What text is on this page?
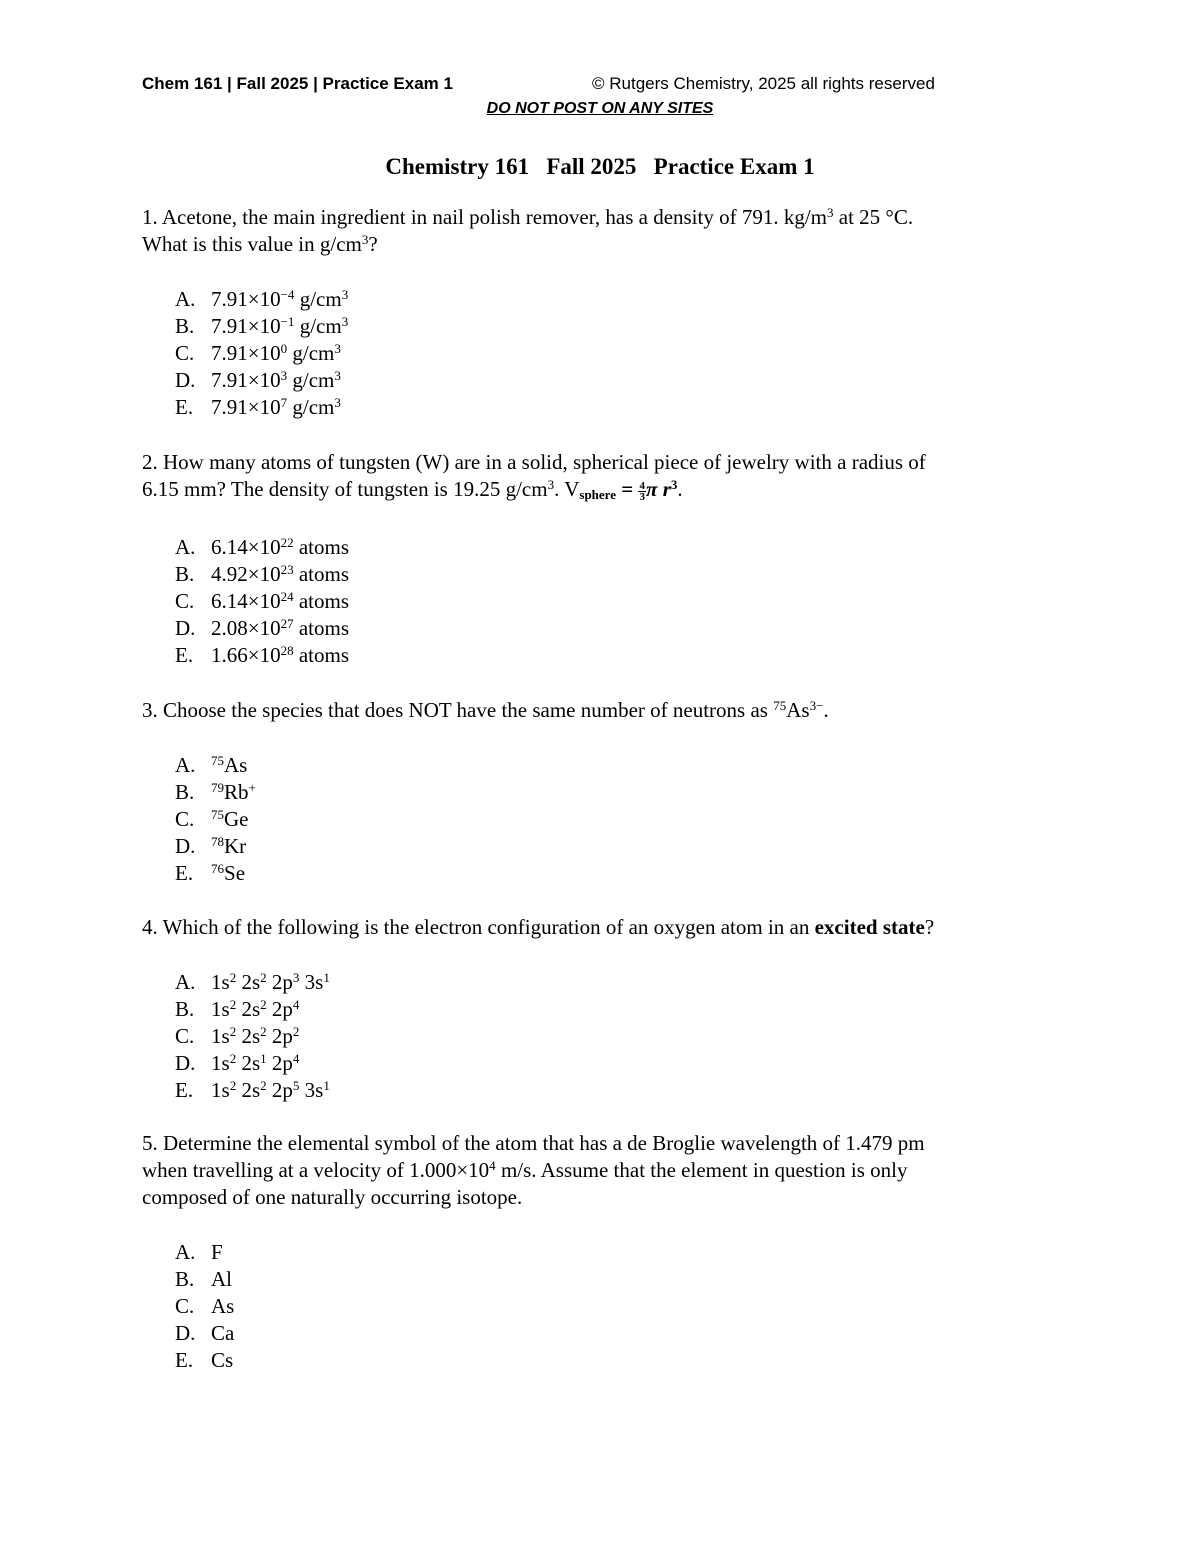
Chem 161 | Fall 2025 | Practice Exam 1	© Rutgers Chemistry, 2025 all rights reserved
DO NOT POST ON ANY SITES
Chemistry 161   Fall 2025   Practice Exam 1
1. Acetone, the main ingredient in nail polish remover, has a density of 791. $kg/m^3$ at 25 °C.
What is this value in $g/cm^3$?
A. $7.91\times 10^{-4}$ $g/cm^3$
B. $7.91\times 10^{-1}$ $g/cm^3$
C. $7.91\times 10^0$ $g/cm^3$
D. $7.91\times 10^3$ $g/cm^3$
E. $7.91\times 10^7$ $g/cm^3$
2. How many atoms of tungsten (W) are in a solid, spherical piece of jewelry with a radius of
6.15 mm? The density of tungsten is 19.25 $g/cm^3$. $V_{sphere} = \frac{4}{3}$ π $r^3$.
A. $6.14\times 10^{22}$ atoms
B. $4.92\times 10^{23}$ atoms
C. $6.14\times 10^{24}$ atoms
D. $2.08\times 10^{27}$ atoms
E. $1.66\times 10^{28}$ atoms
3. Choose the species that does NOT have the same number of neutrons as $^{75}As^{3-}$.
A. $^{75}$As
B. $^{79}$Rb+
C. $^{75}$Ge
D. $^{78}$Kr
E. $^{76}$Se
4. Which of the following is the electron configuration of an oxygen atom in an excited state?
A. $1s^2$ $2s^2$ $2p^3$ $3s^1$
B. $1s^2$ $2s^2$ $2p^4$
C. $1s^2$ $2s^2$ $2p^2$
D. $1s^2$ $2s^1$ $2p^4$
E. $1s^2$ $2s^2$ $2p^5$ $3s^1$
5. Determine the elemental symbol of the atom that has a de Broglie wavelength of 1.479 pm
when travelling at a velocity of $1.000\times 10^4$ m/s. Assume that the element in question is only
composed of one naturally occurring isotope.
A. F
B. Al
C. As
D. Ca
E. Cs
